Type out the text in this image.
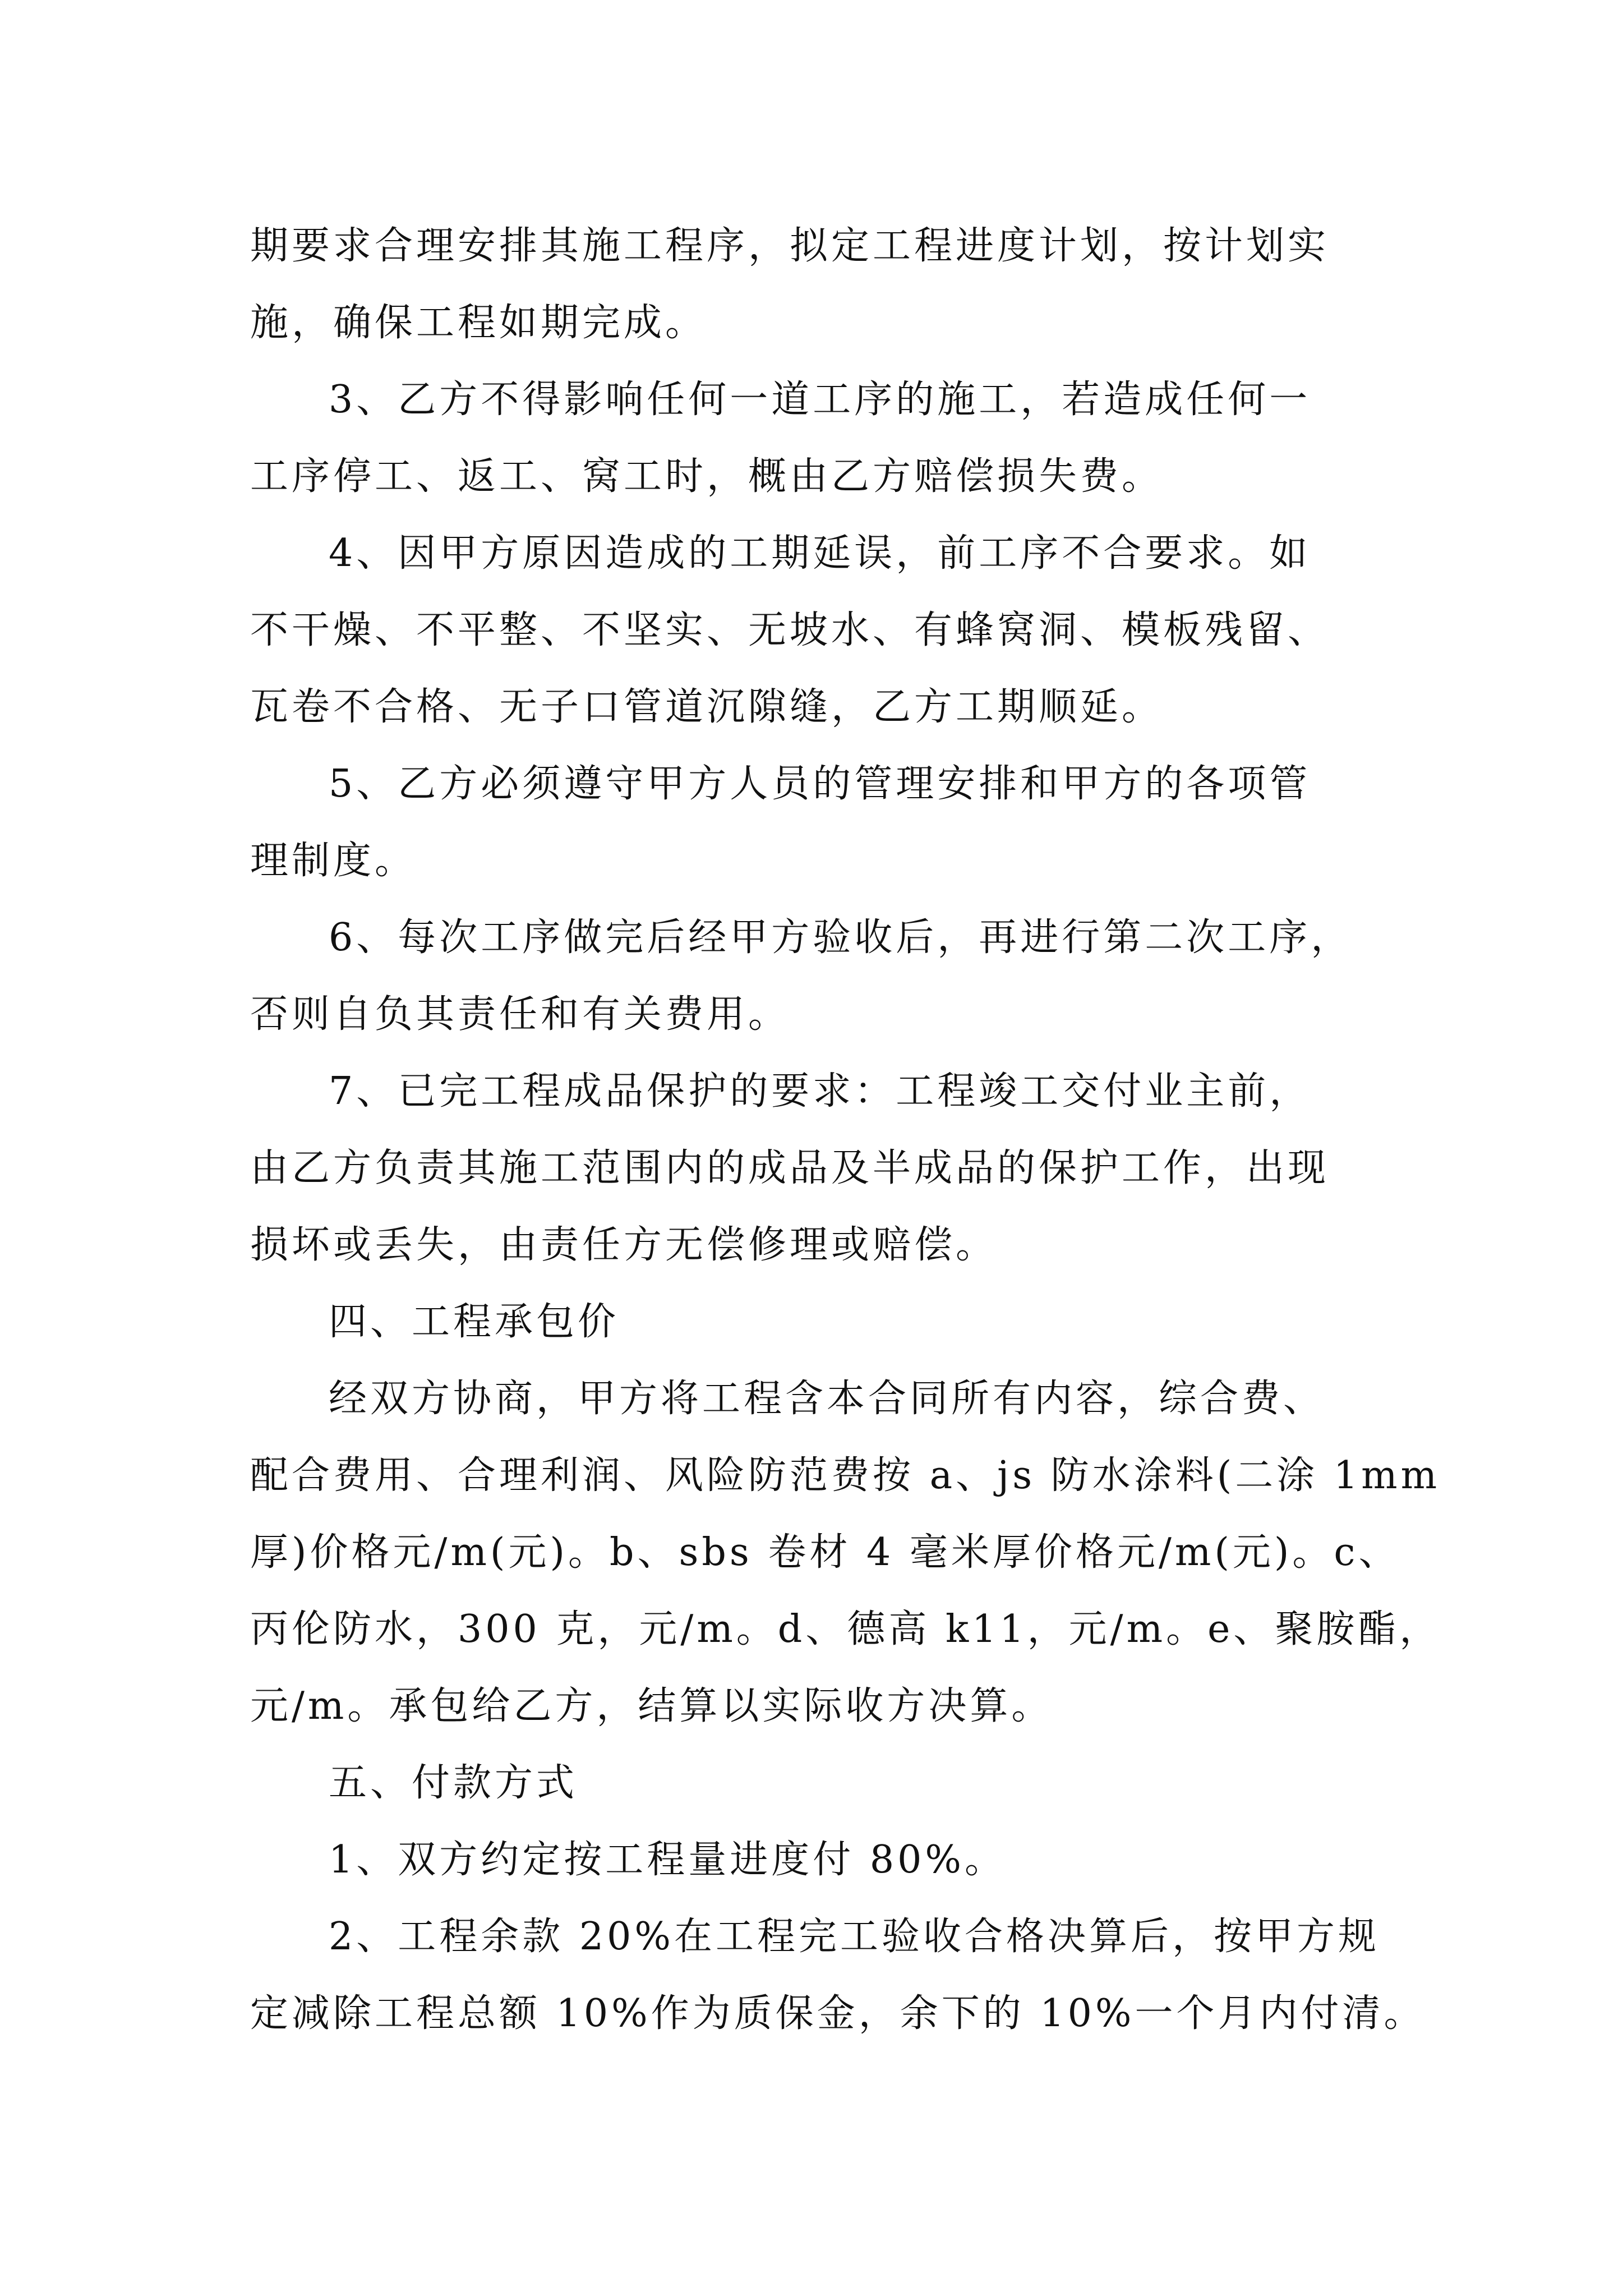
期要求合理安排其施工程序，拟定工程进度计划，按计划实
施，确保工程如期完成。
3、乙方不得影响任何一道工序的施工，若造成任何一
工序停工、返工、窝工时，概由乙方赔偿损失费。
4、因甲方原因造成的工期延误，前工序不合要求。如
不干燥、不平整、不坚实、无坡水、有蜂窝洞、模板残留、
瓦卷不合格、无子口管道沉隙缝，乙方工期顺延。
5、乙方必须遵守甲方人员的管理安排和甲方的各项管
理制度。
6、每次工序做完后经甲方验收后，再进行第二次工序，
否则自负其责任和有关费用。
7、已完工程成品保护的要求：工程竣工交付业主前，
由乙方负责其施工范围内的成品及半成品的保护工作，出现
损坏或丢失，由责任方无偿修理或赔偿。
四、工程承包价
经双方协商，甲方将工程含本合同所有内容，综合费、
配合费用、合理利润、风险防范费按 a、js 防水涂料(二涂 1mm
厚)价格元/m(元)。b、sbs 卷材 4 毫米厚价格元/m(元)。c、
丙伦防水，300 克，元/m。d、德高 k11，元/m。e、聚胺酯，
元/m。承包给乙方，结算以实际收方决算。
五、付款方式
1、双方约定按工程量进度付 80%。
2、工程余款 20%在工程完工验收合格决算后，按甲方规
定减除工程总额 10%作为质保金，余下的 10%一个月内付清。
